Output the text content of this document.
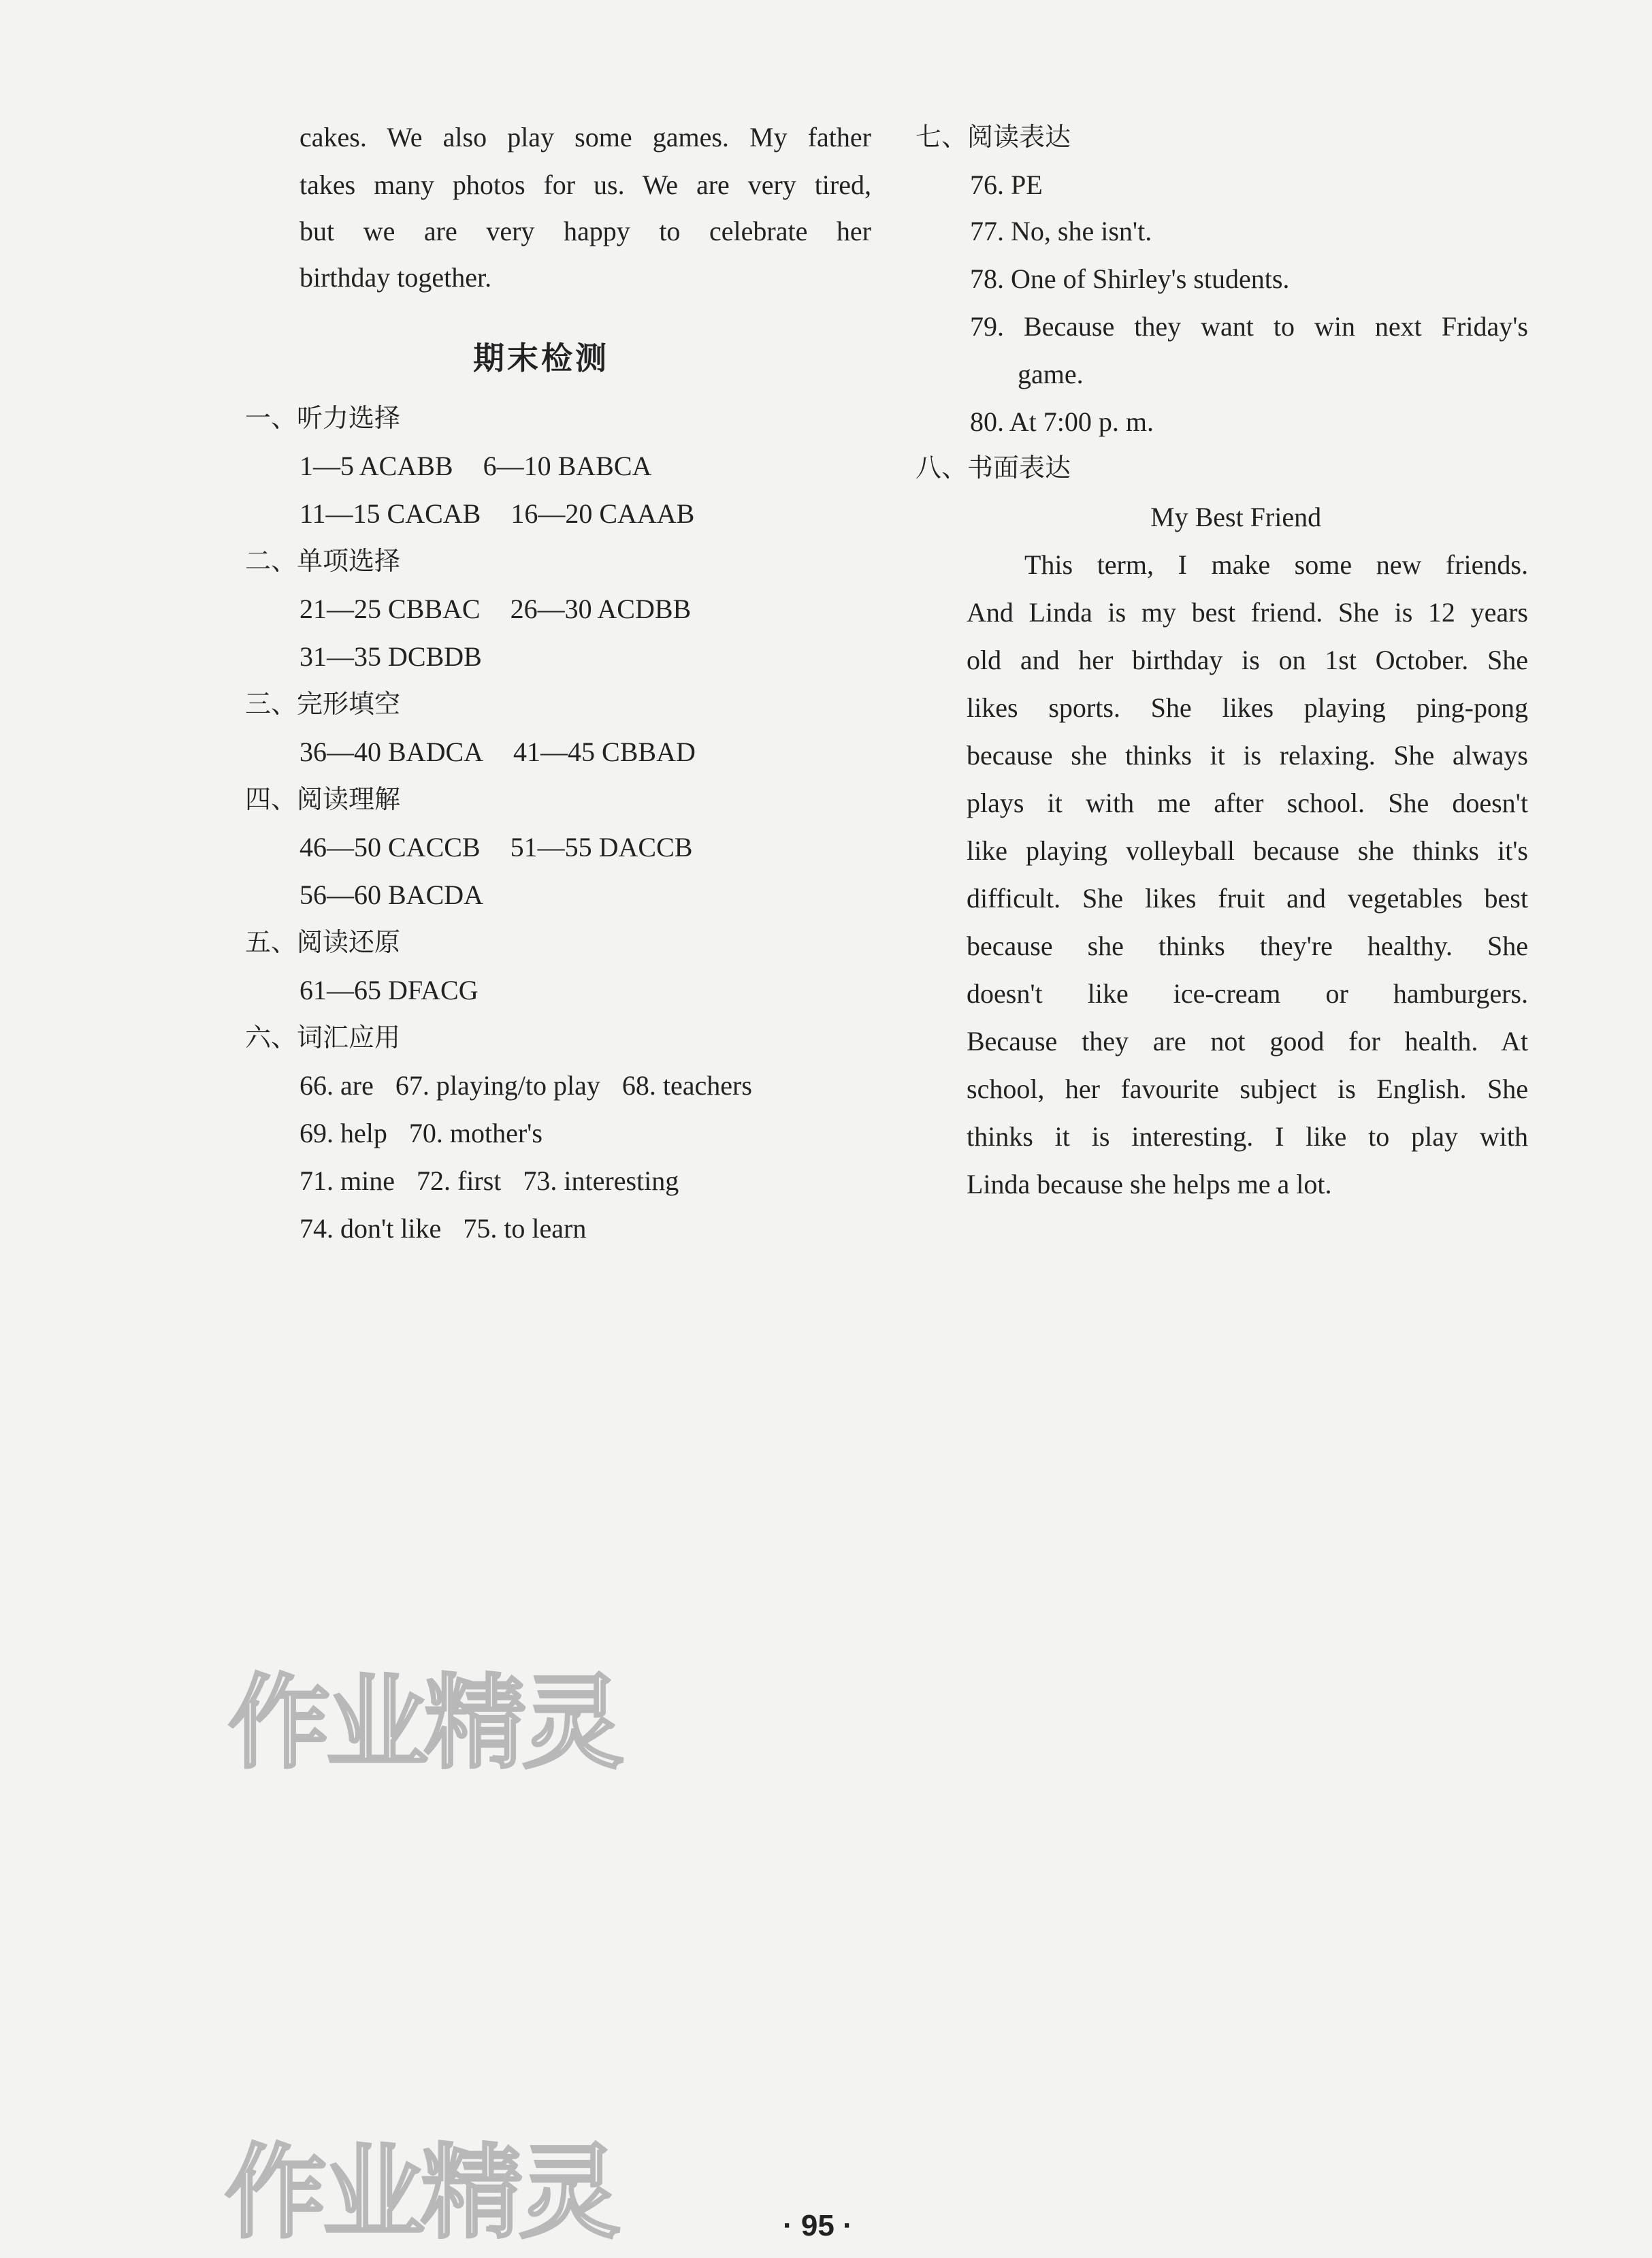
cakes. We also play some games. My father
takes many photos for us. We are very tired,
but we are very happy to celebrate her
birthday together.
期末检测
一、听力选择
1—5 ACABB 6—10 BABCA
11—15 CACAB 16—20 CAAAB
二、单项选择
21—25 CBBAC 26—30 ACDBB
31—35 DCBDB
三、完形填空
36—40 BADCA 41—45 CBBAD
四、阅读理解
46—50 CACCB 51—55 DACCB
56—60 BACDA
五、阅读还原
61—65 DFACG
六、词汇应用
66. are 67. playing/to play 68. teachers
69. help 70. mother's
71. mine 72. first 73. interesting
74. don't like 75. to learn
七、阅读表达
76. PE
77. No, she isn't.
78. One of Shirley's students.
79. Because they want to win next Friday's
game.
80. At 7:00 p. m.
八、书面表达
My Best Friend
This term, I make some new friends.
And Linda is my best friend. She is 12 years
old and her birthday is on 1st October. She
likes sports. She likes playing ping-pong
because she thinks it is relaxing. She always
plays it with me after school. She doesn't
like playing volleyball because she thinks it's
difficult. She likes fruit and vegetables best
because she thinks they're healthy. She
doesn't like ice-cream or hamburgers.
Because they are not good for health. At
school, her favourite subject is English. She
thinks it is interesting. I like to play with
Linda because she helps me a lot.
作业精灵
作业精灵	· 95 ·
